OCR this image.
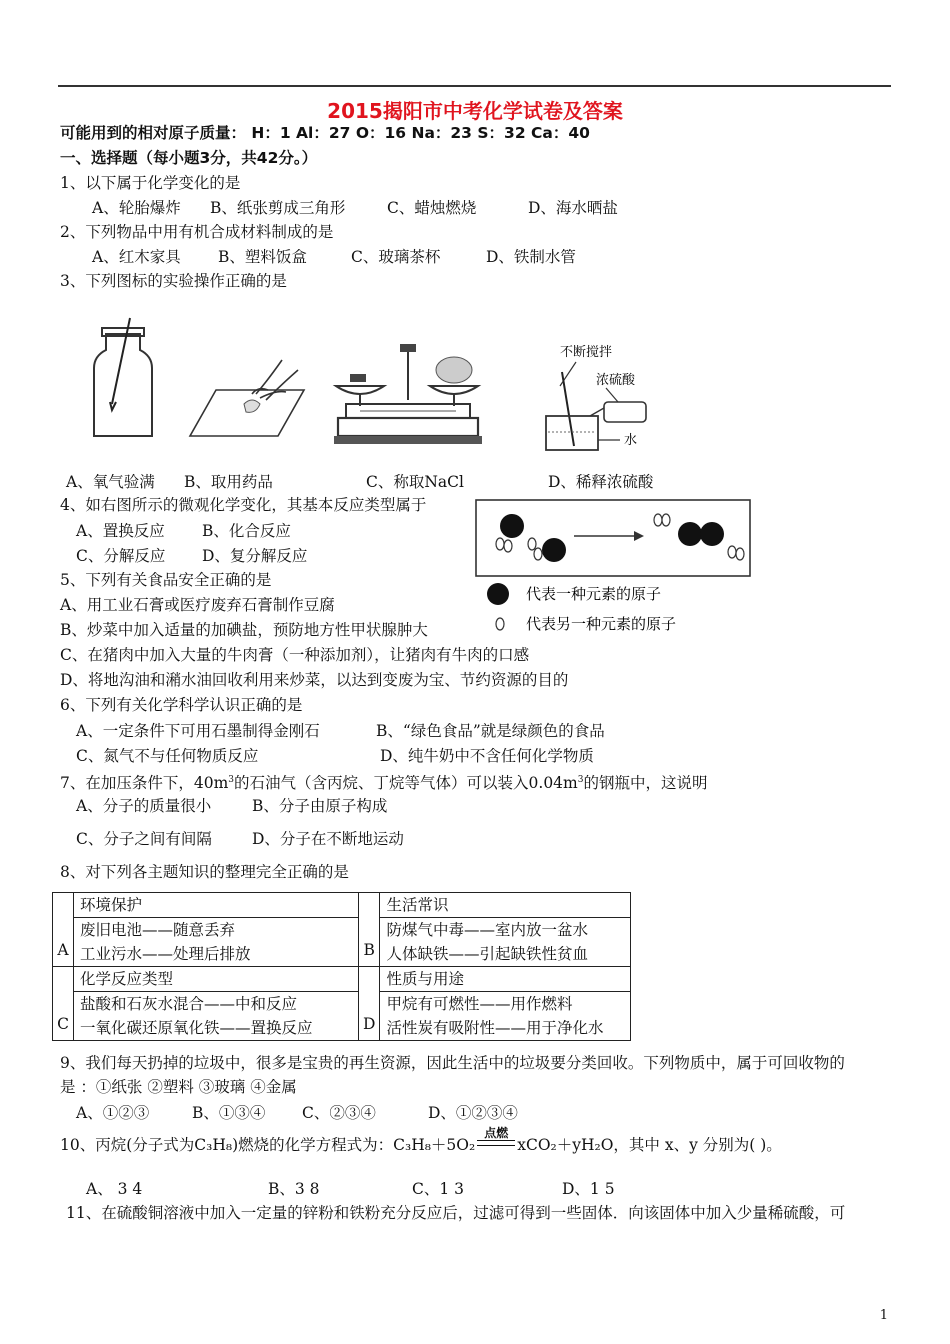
2015揭阳市中考化学试卷及答案
可能用到的相对原子质量： H：1 Al：27 O：16 Na：23 S：32 Ca：40
一、选择题（每小题3分，共42分。）
1、以下属于化学变化的是
A、轮胎爆炸 B、纸张剪成三角形	C、蜡烛燃烧	D、海水晒盐
2、下列物品中用有机合成材料制成的是
A、红木家具 B、塑料饭盒	C、玻璃茶杯	D、铁制水管
3、下列图标的实验操作正确的是
不断搅拌
浓硫酸
水
A、氧气验满 B、取用药品	C、称取NaCl	D、稀释浓硫酸
4、如右图所示的微观化学变化，其基本反应类型属于
A、置换反应 B、化合反应
C、分解反应 D、复分解反应
代表一种元素的原子
代表另一种元素的原子
5、下列有关食品安全正确的是
A、用工业石膏或医疗废弃石膏制作豆腐
B、炒菜中加入适量的加碘盐，预防地方性甲状腺肿大
C、在猪肉中加入大量的牛肉膏（一种添加剂），让猪肉有牛肉的口感
D、将地沟油和潲水油回收利用来炒菜，以达到变废为宝、节约资源的目的
6、下列有关化学科学认识正确的是
A、一定条件下可用石墨制得金刚石	B、“绿色食品”就是绿颜色的食品
C、氮气不与任何物质反应	D、纯牛奶中不含任何化学物质
7、在加压条件下，$40m^3$的石油气（含丙烷、丁烷等气体）可以装入$0.04m^3$的钢瓶中，这说明
A、分子的质量很小	B、分子由原子构成
C、分子之间有间隔	D、分子在不断地运动
8、对下列各主题知识的整理完全正确的是
A	环境保护	B	生活常识
	废旧电池——随意丢弃		防煤气中毒——室内放一盆水
	工业污水——处理后排放		人体缺铁——引起缺铁性贫血
C	化学反应类型	D	性质与用途
	盐酸和石灰水混合——中和反应		甲烷有可燃性——用作燃料
	一氧化碳还原氧化铁——置换反应		活性炭有吸附性——用于净化水
9、我们每天扔掉的垃圾中，很多是宝贵的再生资源，因此生活中的垃圾要分类回收。下列物质中，属于可回收物的
是 ：①纸张 ②塑料 ③玻璃 ④金属
A、①②③	B、①③④ C、②③④	D、①②③④
10、丙烷(分子式为C₃H₈)燃烧的化学方程式为：C₃H₈＋5O₂
点燃
xCO₂＋yH₂O，其中 x、y 分别为( )。
A、 3 4	B、3 8	C、1 3	D、1 5
11、在硫酸铜溶液中加入一定量的锌粉和铁粉充分反应后，过滤可得到一些固体．向该固体中加入少量稀硫酸，可
1
